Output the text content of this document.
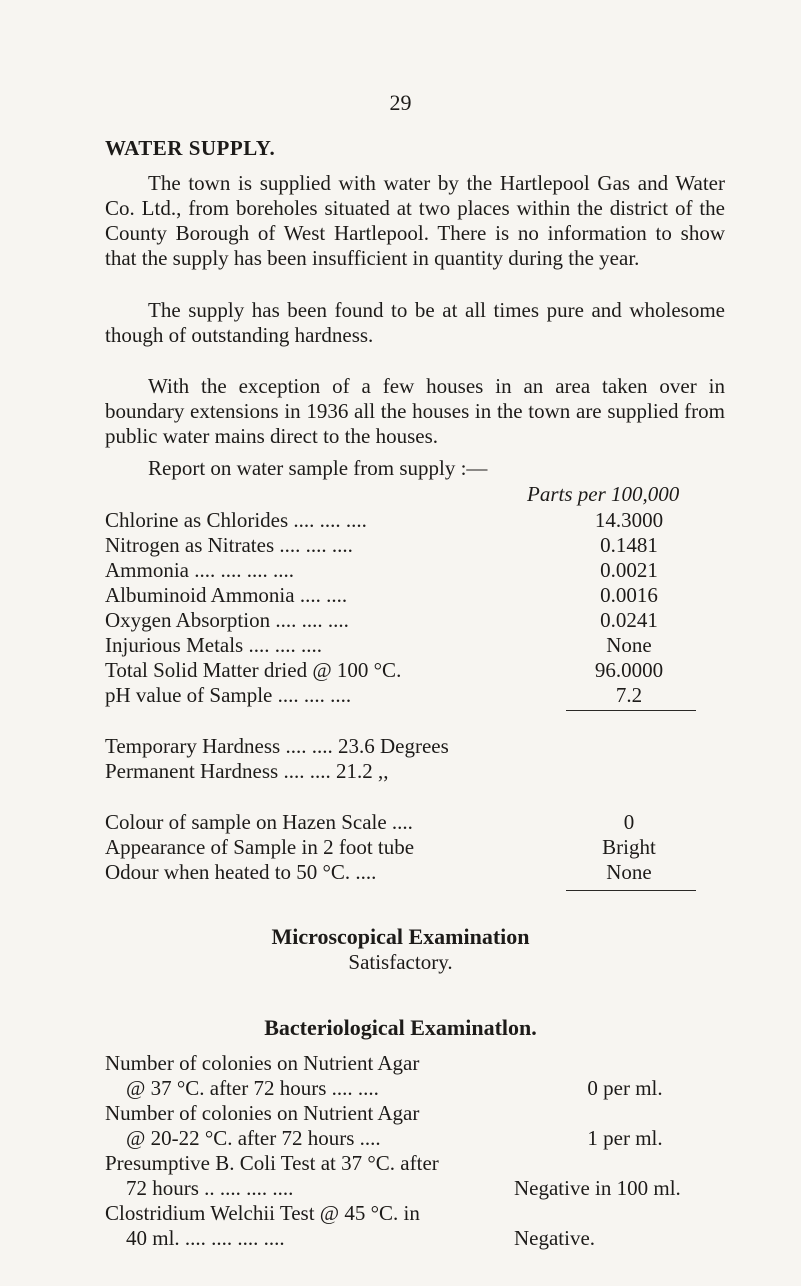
29
WATER SUPPLY.
The town is supplied with water by the Hartlepool Gas and Water Co. Ltd., from boreholes situated at two places within the district of the County Borough of West Hartlepool. There is no information to show that the supply has been insufficient in quantity during the year.
The supply has been found to be at all times pure and wholesome though of outstanding hardness.
With the exception of a few houses in an area taken over in boundary extensions in 1936 all the houses in the town are supplied from public water mains direct to the houses.
Report on water sample from supply :—
Parts per 100,000
Chlorine as Chlorides .... .... ....	14.3000
Nitrogen as Nitrates .... .... ....	0.1481
Ammonia .... .... .... ....	0.0021
Albuminoid Ammonia .... ....	0.0016
Oxygen Absorption .... .... ....	0.0241
Injurious Metals .... .... ....	None
Total Solid Matter dried @ 100 °C.	96.0000
pH value of Sample .... .... ....	7.2
Temporary Hardness .... .... 23.6 Degrees
Permanent Hardness .... .... 21.2 ,,
Colour of sample on Hazen Scale ....	0
Appearance of Sample in 2 foot tube	Bright
Odour when heated to 50 °C. ....	None
Microscopical Examination
Satisfactory.
Bacteriological Examinatlon.
Number of colonies on Nutrient Agar
@ 37 °C. after 72 hours .... ....	0 per ml.
Number of colonies on Nutrient Agar
@ 20-22 °C. after 72 hours ....	1 per ml.
Presumptive B. Coli Test at 37 °C. after
72 hours .. .... .... ....	Negative in 100 ml.
Clostridium Welchii Test @ 45 °C. in
40 ml. .... .... .... ....	Negative.
